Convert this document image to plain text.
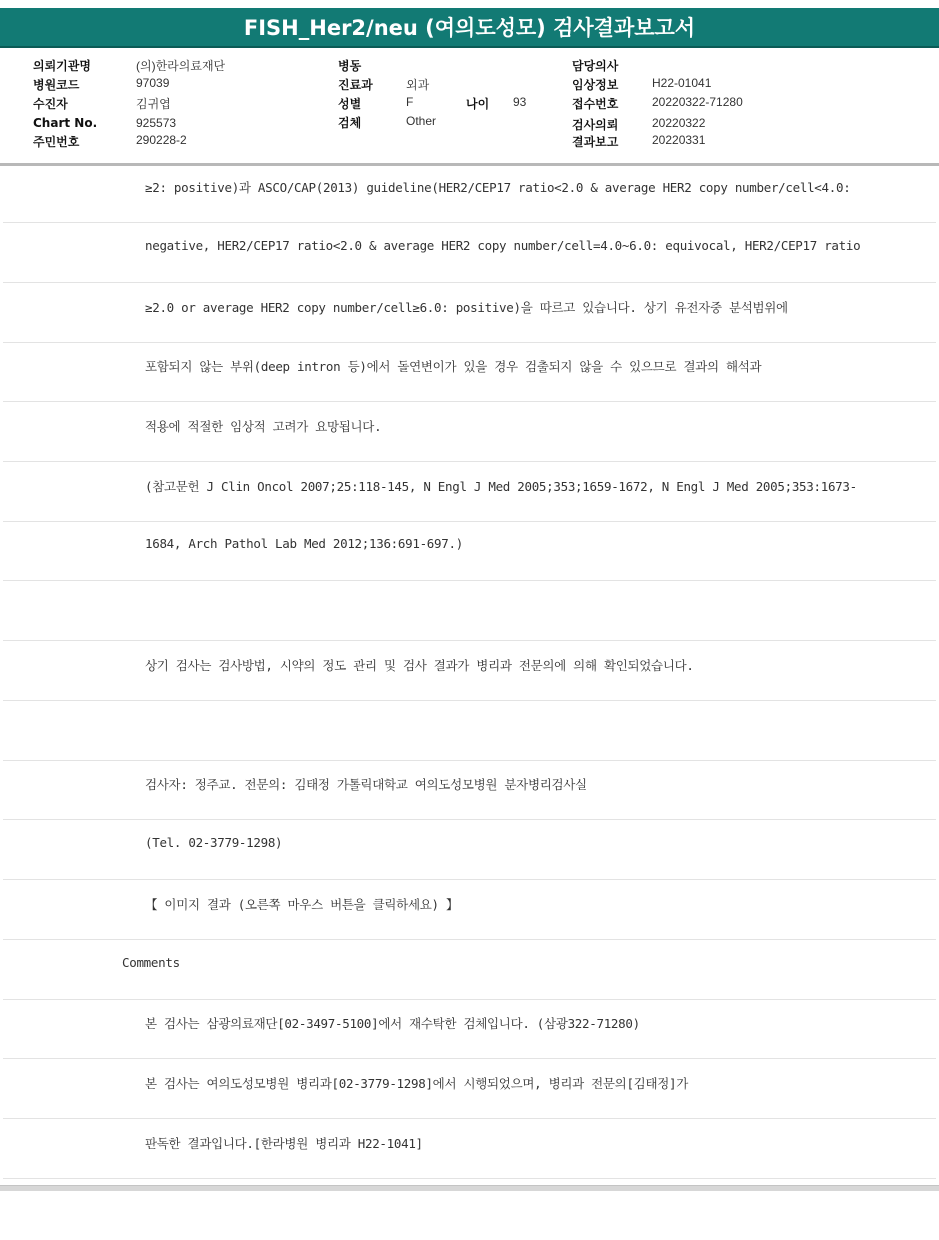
FISH_Her2/neu (여의도성모) 검사결과보고서
의뢰기관명	(의)한라의료재단
병원코드	97039
수진자	김귀엽
Chart No.	925573
주민번호	290228-2
병동
진료과	외과
성별	F	나이 93
검체	Other
담당의사
임상정보	H22-01041
접수번호	20220322-71280
검사의뢰	20220322
결과보고	20220331
≥2: positive)과 ASCO/CAP(2013) guideline(HER2/CEP17 ratio<2.0 & average HER2 copy number/cell<4.0:
negative, HER2/CEP17 ratio<2.0 & average HER2 copy number/cell=4.0~6.0: equivocal, HER2/CEP17 ratio
≥2.0 or average HER2 copy number/cell≥6.0: positive)을 따르고 있습니다. 상기 유전자중 분석범위에
포함되지 않는 부위(deep intron 등)에서 돌연변이가 있을 경우 검출되지 않을 수 있으므로 결과의 해석과
적용에 적절한 임상적 고려가 요망됩니다.
(참고문헌 J Clin Oncol 2007;25:118-145, N Engl J Med 2005;353;1659-1672, N Engl J Med 2005;353:1673-
1684, Arch Pathol Lab Med 2012;136:691-697.)
상기 검사는 검사방법, 시약의 정도 관리 및 검사 결과가 병리과 전문의에 의해 확인되었습니다.
검사자: 정주교. 전문의: 김태정 가톨릭대학교 여의도성모병원 분자병리검사실
(Tel. 02-3779-1298)
【 이미지 결과 (오른쪽 마우스 버튼을 클릭하세요) 】
Comments
본 검사는 삼광의료재단[02-3497-5100]에서 재수탁한 검체입니다. (삼광322-71280)
본 검사는 여의도성모병원 병리과[02-3779-1298]에서 시행되었으며, 병리과 전문의[김태정]가
판독한 결과입니다.[한라병원 병리과 H22-1041]
